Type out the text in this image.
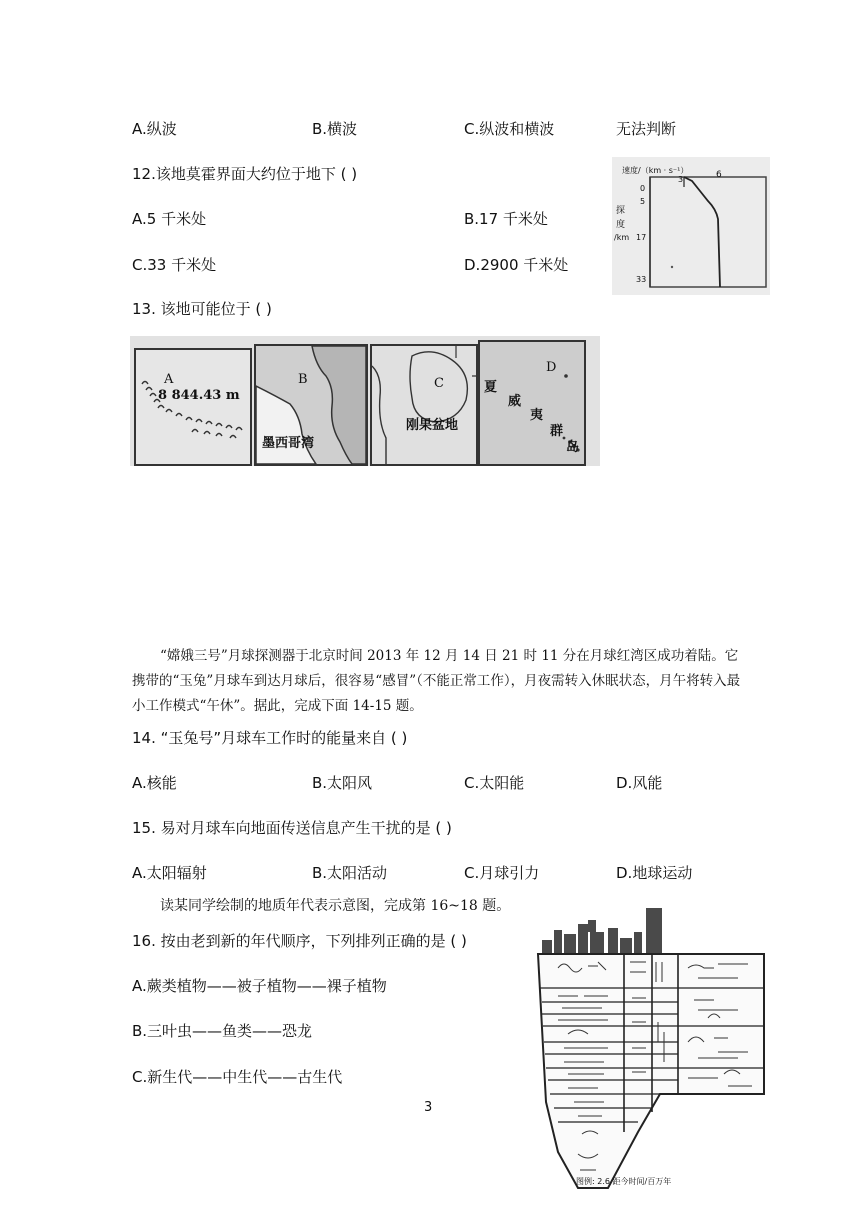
A.纵波	B.横波	C.纵波和横波	无法判断
12.该地莫霍界面大约位于地下 ( )
A.5 千米处	B.17 千米处
C.33 千米处	D.2900 千米处
速度/（km · s⁻¹）
3	6
0
5
17
33
探
度
/km
13. 该地可能位于 ( )
A
8 844.43 m
B
墨西哥湾
C
刚果盆地
D
夏
威
夷
群
岛
“嫦娥三号”月球探测器于北京时间 2013 年 12 月 14 日 21 时 11 分在月球红湾区成功着陆。它携带的“玉兔”月球车到达月球后，很容易“感冒”（不能正常工作），月夜需转入休眠状态，月午将转入最小工作模式“午休”。据此，完成下面 14-15 题。
14. “玉兔号”月球车工作时的能量来自 ( )
A.核能	B.太阳风	C.太阳能	D.风能
15. 易对月球车向地面传送信息产生干扰的是 ( )
A.太阳辐射	B.太阳活动	C.月球引力	D.地球运动
读某同学绘制的地质年代表示意图，完成第 16~18 题。
16. 按由老到新的年代顺序，下列排列正确的是 ( )
A.蕨类植物——被子植物——裸子植物
B.三叶虫——鱼类——恐龙
C.新生代——中生代——古生代
图例: 2.6 距今时间/百万年
3
